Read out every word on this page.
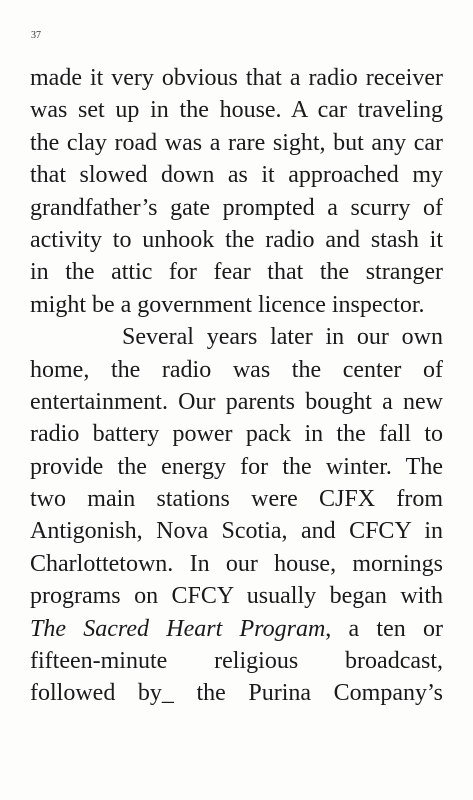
37
made it very obvious that a radio receiver
was set up in the house. A car traveling
the clay road was a rare sight, but any car
that slowed down as it approached my
grandfather’s gate prompted a scurry of
activity to unhook the radio and stash it
in the attic for fear that the stranger
might be a government licence inspector.
Several years later in our own
home, the radio was the center of
entertainment. Our parents bought a new
radio battery power pack in the fall to
provide the energy for the winter. The
two main stations were CJFX from
Antigonish, Nova Scotia, and CFCY in
Charlottetown. In our house, mornings
programs on CFCY usually began with
The Sacred Heart Program, a ten or
fifteen-minute religious broadcast,
followed by_ the Purina Company’s
